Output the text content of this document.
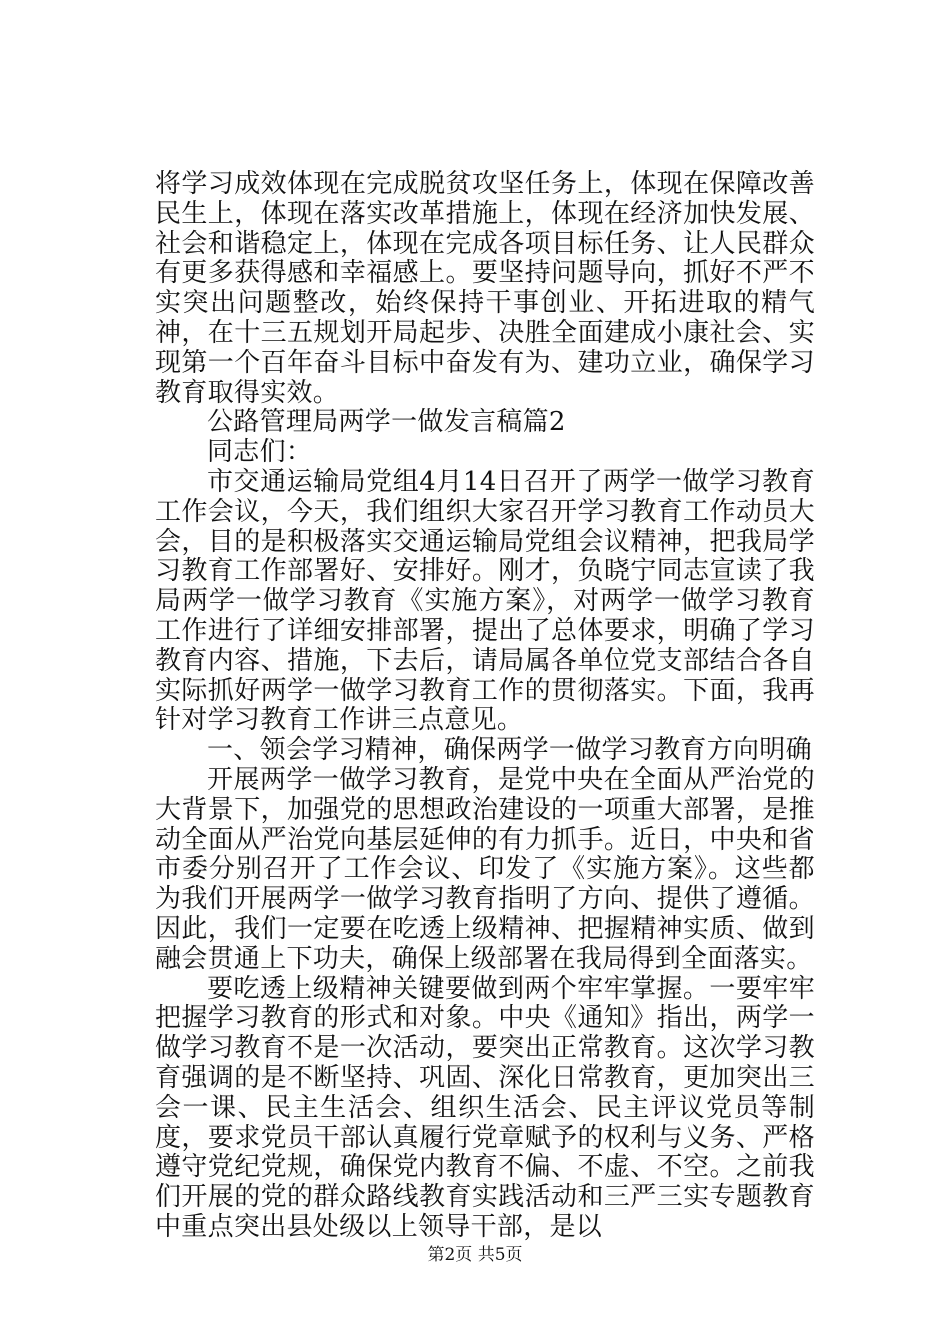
将学习成效体现在完成脱贫攻坚任务上，体现在保障改善民生上，体现在落实改革措施上，体现在经济加快发展、社会和谐稳定上，体现在完成各项目标任务、让人民群众有更多获得感和幸福感上。要坚持问题导向，抓好不严不实突出问题整改，始终保持干事创业、开拓进取的精气神，在十三五规划开局起步、决胜全面建成小康社会、实现第一个百年奋斗目标中奋发有为、建功立业，确保学习教育取得实效。

公路管理局两学一做发言稿篇2

同志们：

市交通运输局党组4月14日召开了两学一做学习教育工作会议，今天，我们组织大家召开学习教育工作动员大会，目的是积极落实交通运输局党组会议精神，把我局学习教育工作部署好、安排好。刚才，负晓宁同志宣读了我局两学一做学习教育《实施方案》，对两学一做学习教育工作进行了详细安排部署，提出了总体要求，明确了学习教育内容、措施，下去后，请局属各单位党支部结合各自实际抓好两学一做学习教育工作的贯彻落实。下面，我再针对学习教育工作讲三点意见。

一、领会学习精神，确保两学一做学习教育方向明确

开展两学一做学习教育，是党中央在全面从严治党的大背景下，加强党的思想政治建设的一项重大部署，是推动全面从严治党向基层延伸的有力抓手。近日，中央和省市委分别召开了工作会议、印发了《实施方案》。这些都为我们开展两学一做学习教育指明了方向、提供了遵循。因此，我们一定要在吃透上级精神、把握精神实质、做到融会贯通上下功夫，确保上级部署在我局得到全面落实。

要吃透上级精神关键要做到两个牢牢掌握。一要牢牢把握学习教育的形式和对象。中央《通知》指出，两学一做学习教育不是一次活动，要突出正常教育。这次学习教育强调的是不断坚持、巩固、深化日常教育，更加突出三会一课、民主生活会、组织生活会、民主评议党员等制度，要求党员干部认真履行党章赋予的权利与义务、严格遵守党纪党规，确保党内教育不偏、不虚、不空。之前我们开展的党的群众路线教育实践活动和三严三实专题教育中重点突出县处级以上领导干部，是以

第2页 共5页
